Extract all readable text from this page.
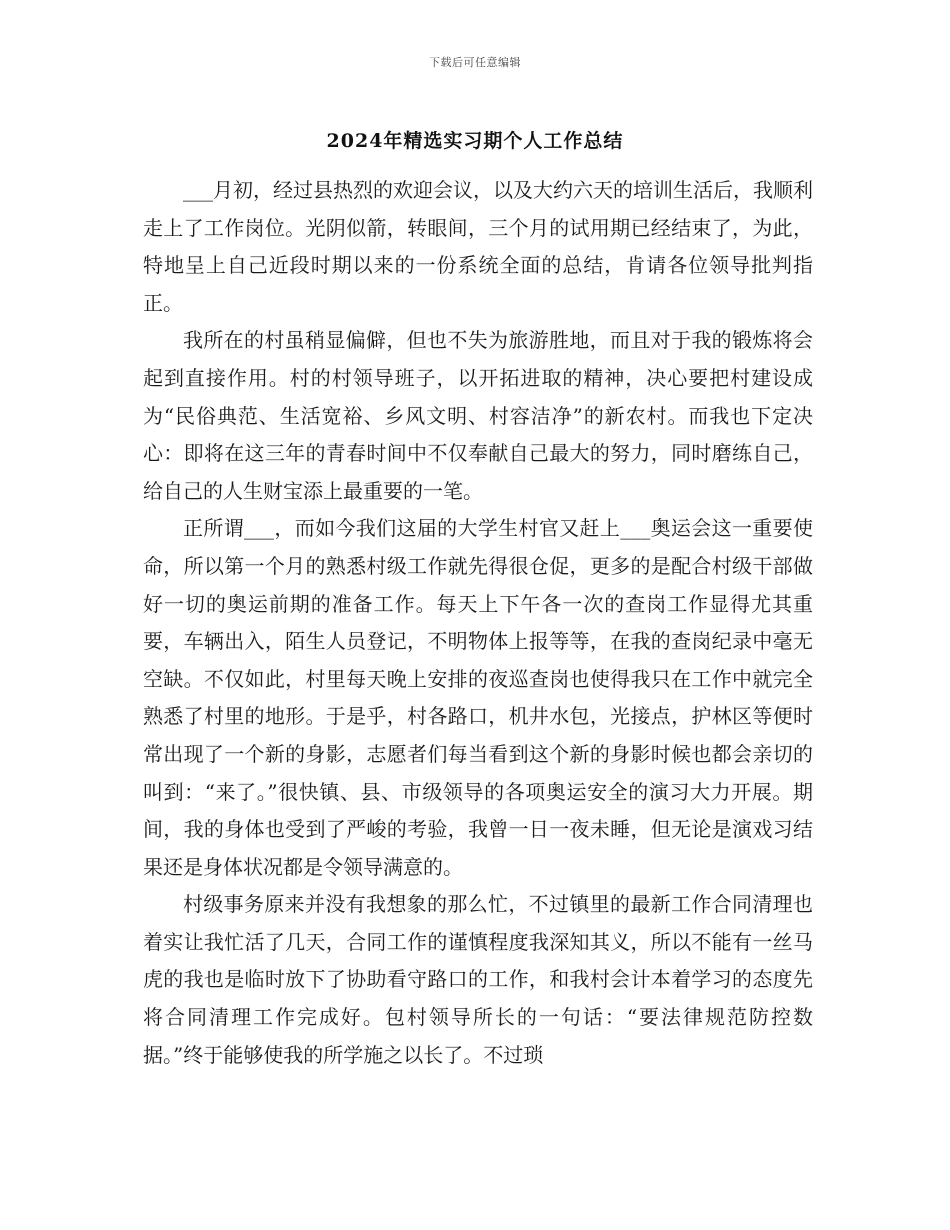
下载后可任意编辑
2024年精选实习期个人工作总结

___月初，经过县热烈的欢迎会议，以及大约六天的培训生活后，我顺利走上了工作岗位。光阴似箭，转眼间，三个月的试用期已经结束了，为此，特地呈上自己近段时期以来的一份系统全面的总结，肯请各位领导批判指正。

我所在的村虽稍显偏僻，但也不失为旅游胜地，而且对于我的锻炼将会起到直接作用。村的村领导班子，以开拓进取的精神，决心要把村建设成为“民俗典范、生活宽裕、乡风文明、村容洁净”的新农村。而我也下定决心：即将在这三年的青春时间中不仅奉献自己最大的努力，同时磨练自己，给自己的人生财宝添上最重要的一笔。

正所谓___，而如今我们这届的大学生村官又赶上___奥运会这一重要使命，所以第一个月的熟悉村级工作就先得很仓促，更多的是配合村级干部做好一切的奥运前期的准备工作。每天上下午各一次的查岗工作显得尤其重要，车辆出入，陌生人员登记，不明物体上报等等，在我的查岗纪录中毫无空缺。不仅如此，村里每天晚上安排的夜巡查岗也使得我只在工作中就完全熟悉了村里的地形。于是乎，村各路口，机井水包，光接点，护林区等便时常出现了一个新的身影，志愿者们每当看到这个新的身影时候也都会亲切的叫到：“来了。”很快镇、县、市级领导的各项奥运安全的演习大力开展。期间，我的身体也受到了严峻的考验，我曾一日一夜未睡，但无论是演戏习结果还是身体状况都是令领导满意的。

村级事务原来并没有我想象的那么忙，不过镇里的最新工作合同清理也着实让我忙活了几天，合同工作的谨慎程度我深知其义，所以不能有一丝马虎的我也是临时放下了协助看守路口的工作，和我村会计本着学习的态度先将合同清理工作完成好。包村领导所长的一句话：“要法律规范防控数据。”终于能够使我的所学施之以长了。不过琐
